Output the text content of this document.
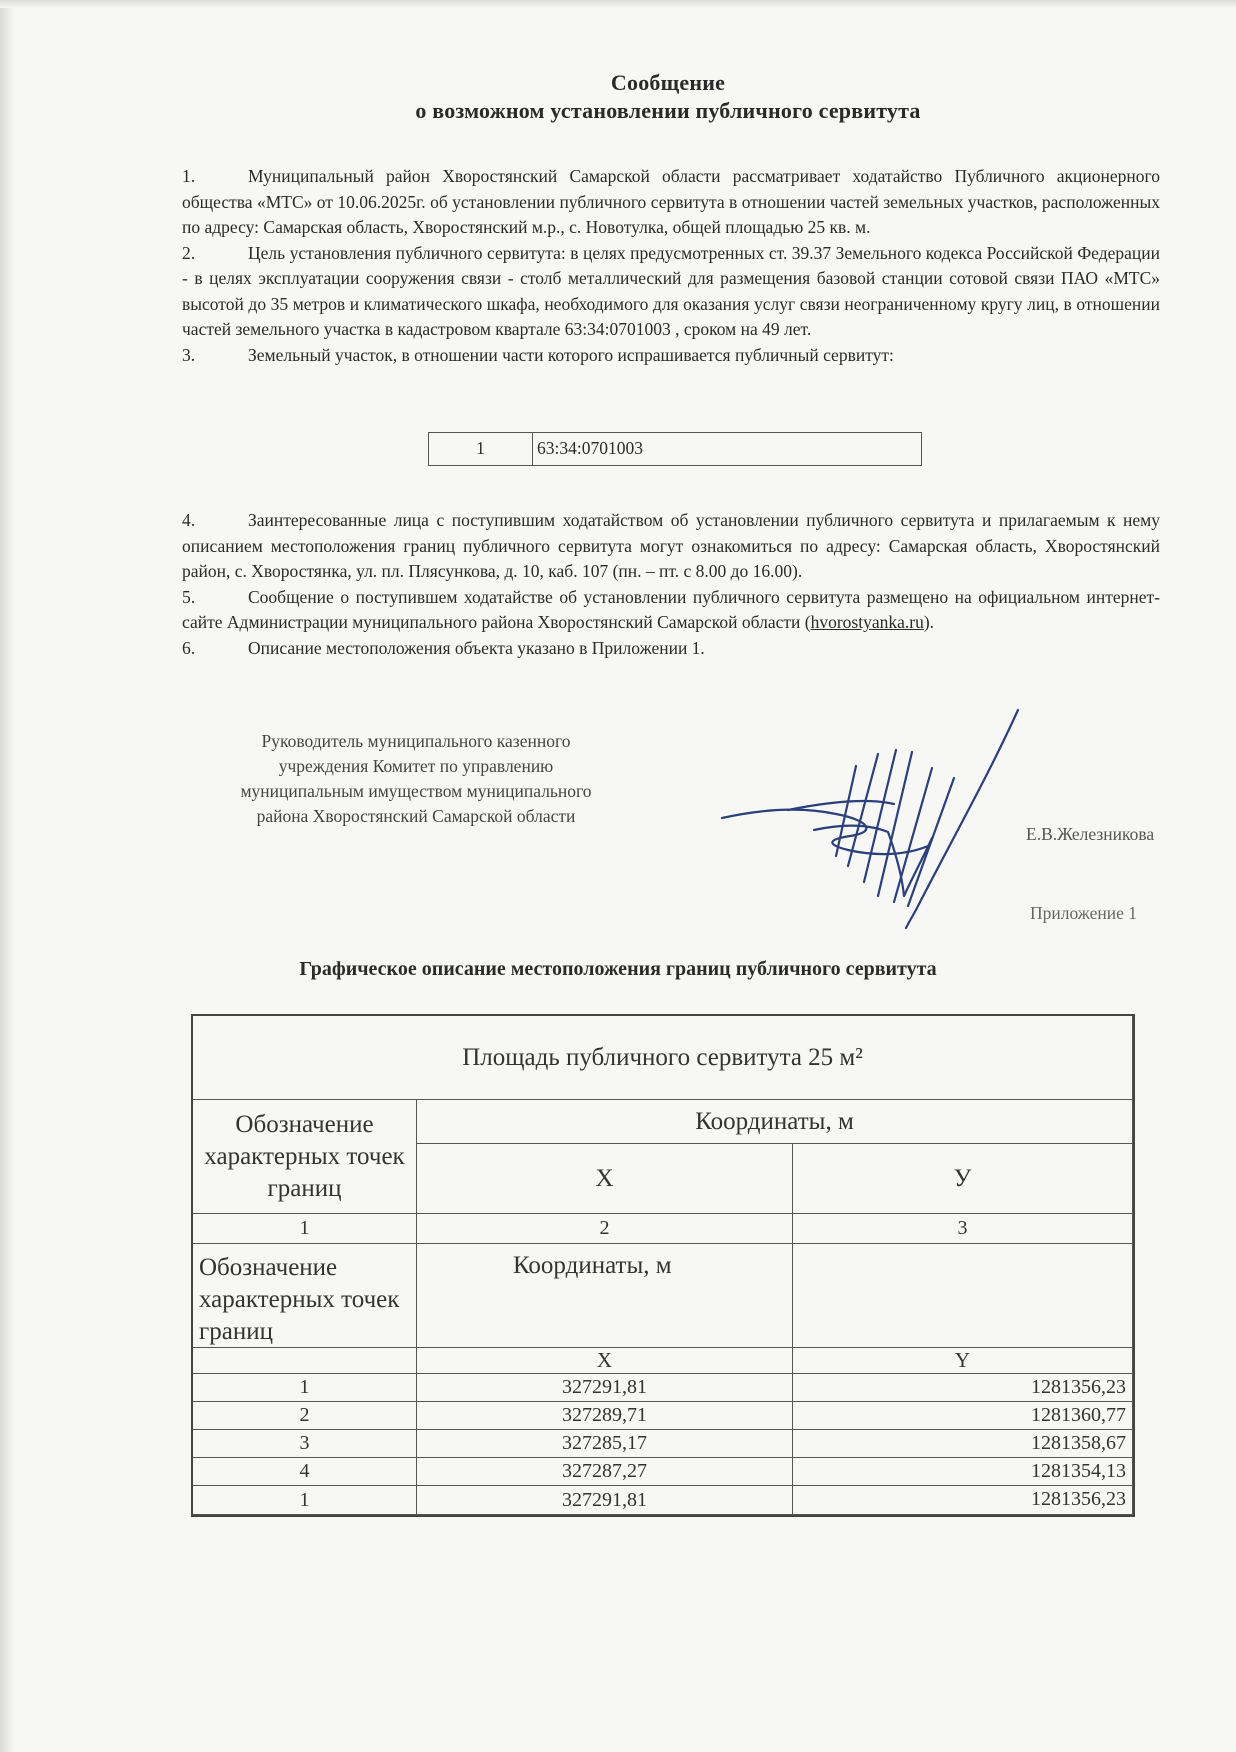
Сообщение
о возможном установлении публичного сервитута

1.	Муниципальный район Хворостянский Самарской области рассматривает ходатайство Публичного акционерного общества «МТС» от 10.06.2025г. об установлении публичного сервитута в отношении частей земельных участков, расположенных по адресу: Самарская область, Хворостянский м.р., с. Новотулка, общей площадью 25 кв. м.

2.	Цель установления публичного сервитута: в целях предусмотренных ст. 39.37 Земельного кодекса Российской Федерации - в целях эксплуатации сооружения связи - столб металлический для размещения базовой станции сотовой связи ПАО «МТС» высотой до 35 метров и климатического шкафа, необходимого для оказания услуг связи неограниченному кругу лиц, в отношении частей земельного участка в кадастровом квартале 63:34:0701003 , сроком на 49 лет.

3.	Земельный участок, в отношении части которого испрашивается публичный сервитут:

1	63:34:0701003

4.	Заинтересованные лица с поступившим ходатайством об установлении публичного сервитута и прилагаемым к нему описанием местоположения границ публичного сервитута могут ознакомиться по адресу: Самарская область, Хворостянский район, с. Хворостянка, ул. пл. Плясункова, д. 10, каб. 107 (пн. – пт. с 8.00 до 16.00).

5.	Сообщение о поступившем ходатайстве об установлении публичного сервитута размещено на официальном интернет-сайте Администрации муниципального района Хворостянский Самарской области (hvorostyanka.ru).

6.	Описание местоположения объекта указано в Приложении 1.

Руководитель муниципального казенного
учреждения Комитет по управлению
муниципальным имуществом муниципального
района Хворостянский Самарской области
Е.В.Железникова
Приложение 1
Графическое описание местоположения границ публичного сервитута
Площадь публичного сервитута 25 м²
Обозначение характерных точек границ
Координаты, м
X	У
1	2	3
Обозначение характерных точек границ
Координаты, м
X	Y
1	327291,81	1281356,23
2	327289,71	1281360,77
3	327285,17	1281358,67
4	327287,27	1281354,13
1	327291,81	1281356,23
